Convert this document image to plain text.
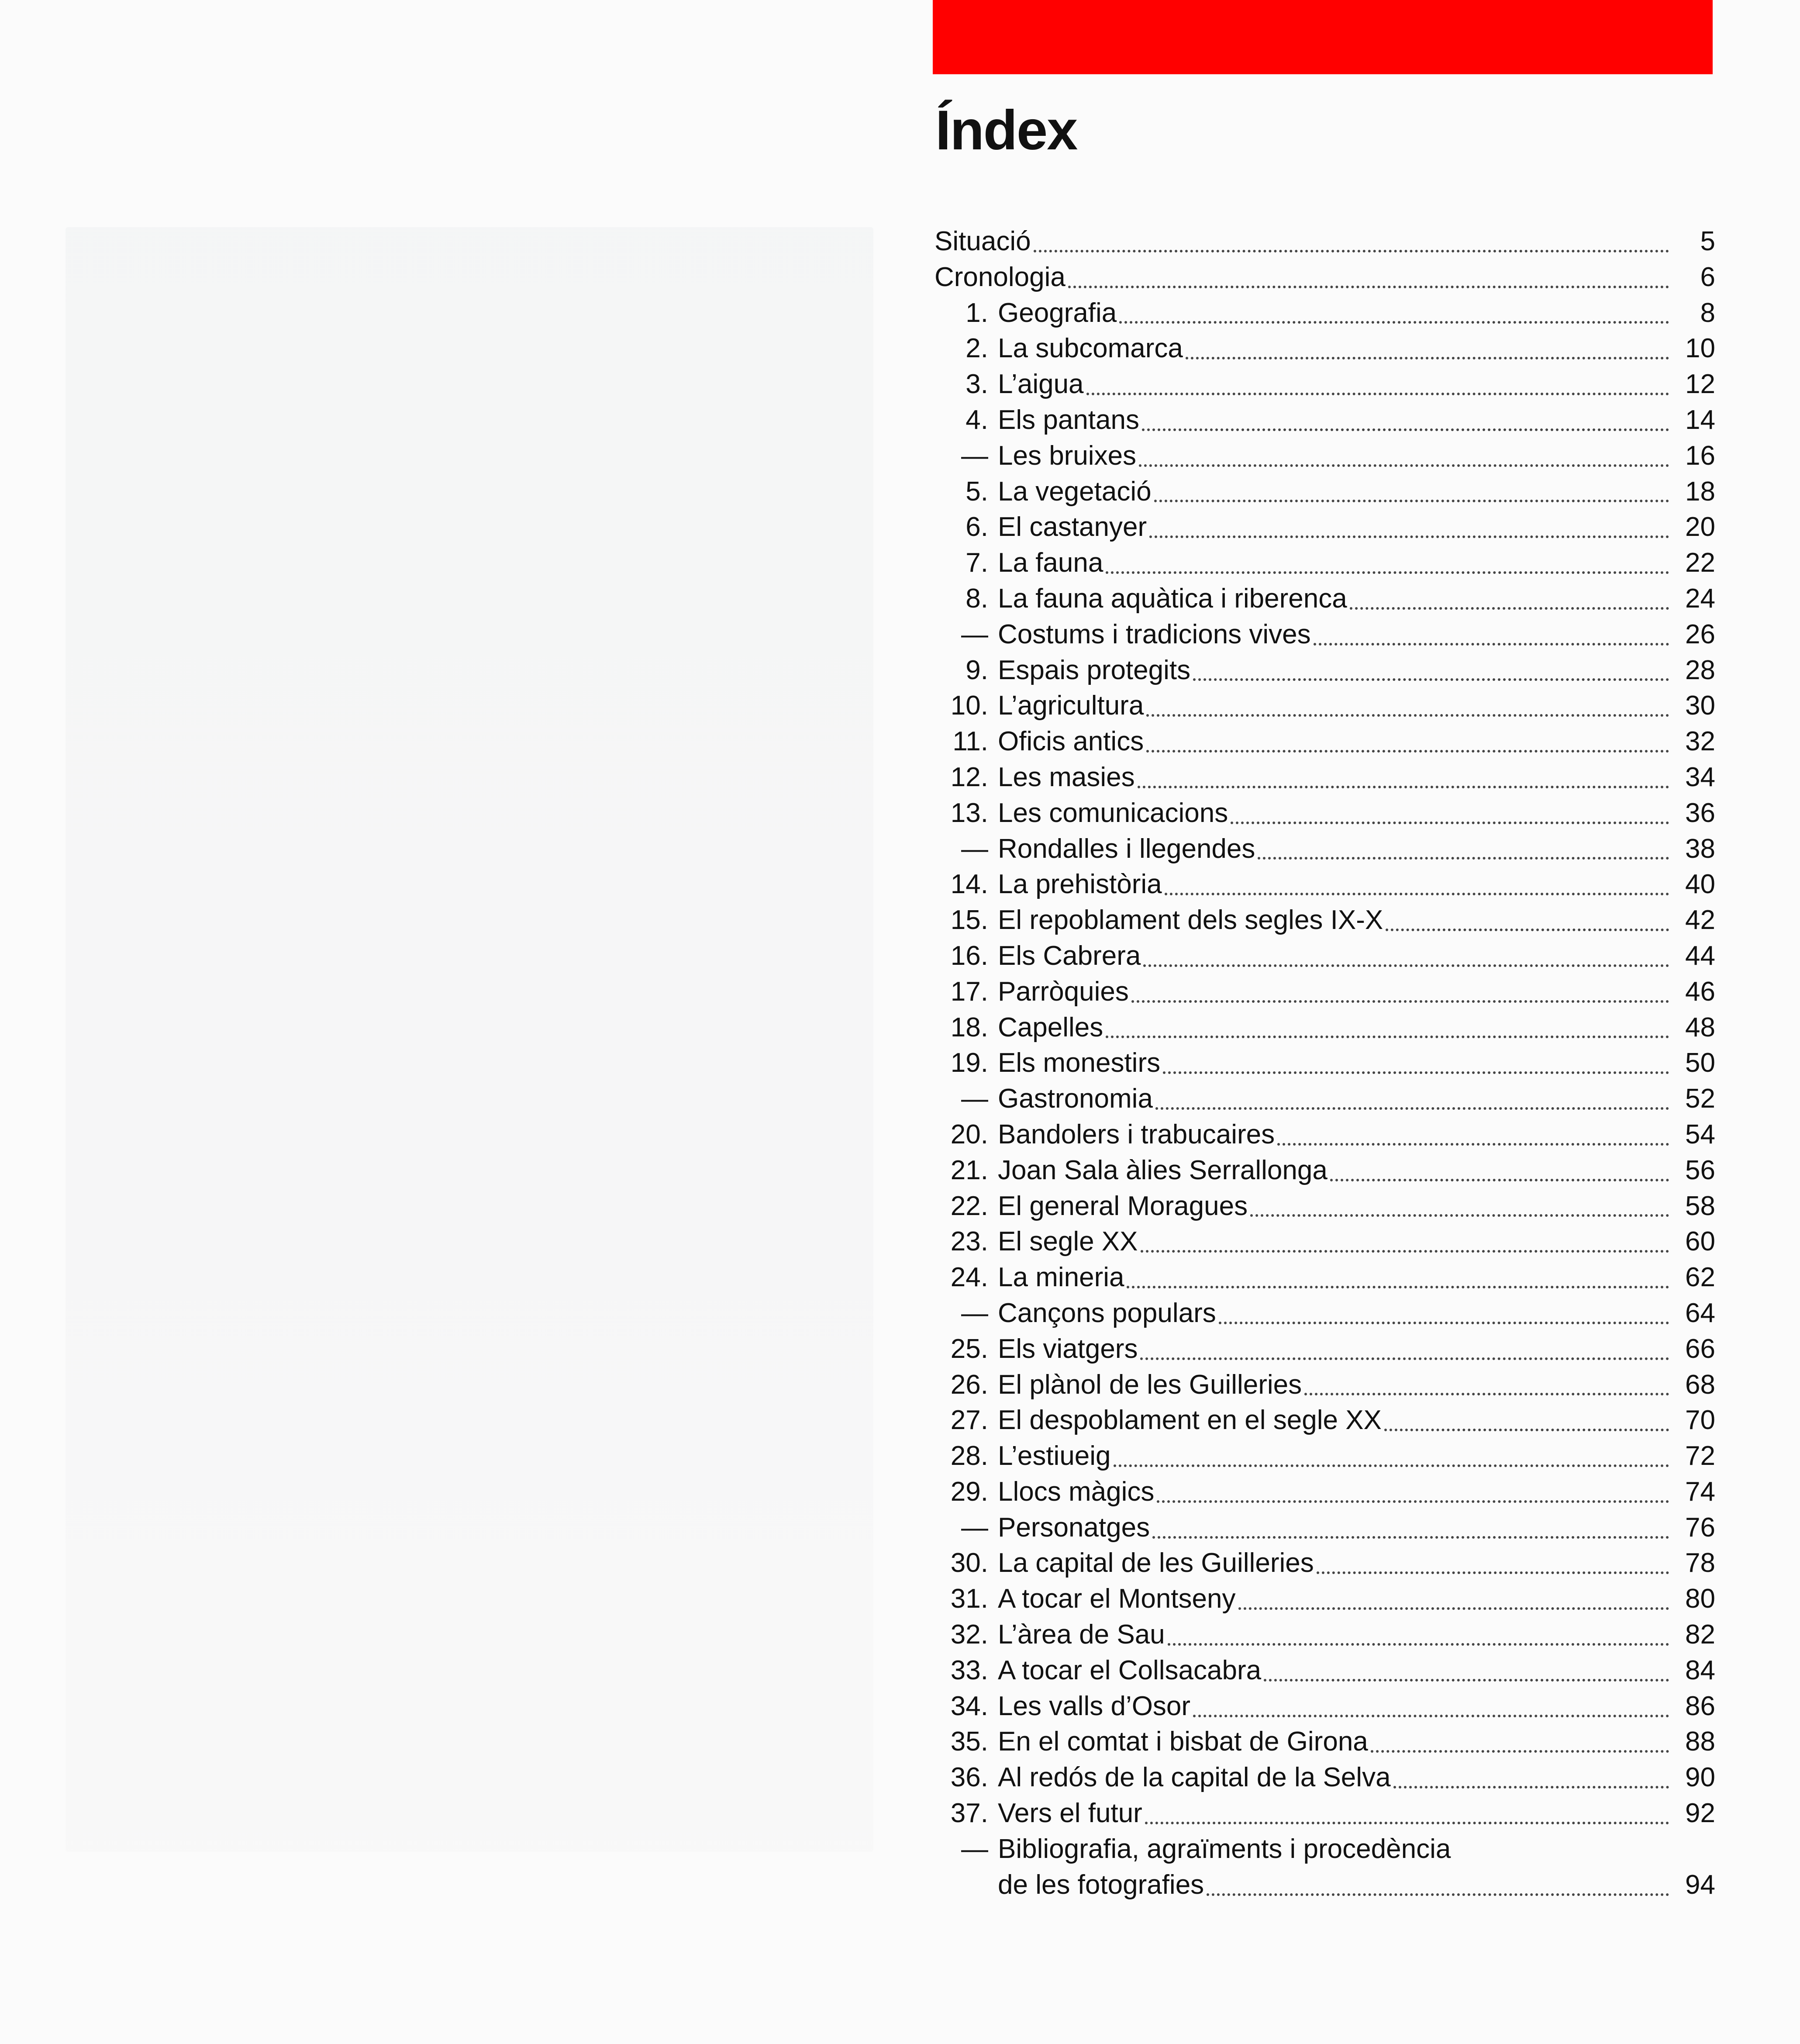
Índex
Situació	5
Cronologia	6
1. Geografia	8
2. La subcomarca	10
3. L’aigua	12
4. Els pantans	14
— Les bruixes	16
5. La vegetació	18
6. El castanyer	20
7. La fauna	22
8. La fauna aquàtica i riberenca	24
— Costums i tradicions vives	26
9. Espais protegits	28
10. L’agricultura	30
11. Oficis antics	32
12. Les masies	34
13. Les comunicacions	36
— Rondalles i llegendes	38
14. La prehistòria	40
15. El repoblament dels segles IX-X	42
16. Els Cabrera	44
17. Parròquies	46
18. Capelles	48
19. Els monestirs	50
— Gastronomia	52
20. Bandolers i trabucaires	54
21. Joan Sala àlies Serrallonga	56
22. El general Moragues	58
23. El segle XX	60
24. La mineria	62
— Cançons populars	64
25. Els viatgers	66
26. El plànol de les Guilleries	68
27. El despoblament en el segle XX	70
28. L’estiueig	72
29. Llocs màgics	74
— Personatges	76
30. La capital de les Guilleries	78
31. A tocar el Montseny	80
32. L’àrea de Sau	82
33. A tocar el Collsacabra	84
34. Les valls d’Osor	86
35. En el comtat i bisbat de Girona	88
36. Al redós de la capital de la Selva	90
37. Vers el futur	92
— Bibliografia, agraïments i procedència
de les fotografies	94
